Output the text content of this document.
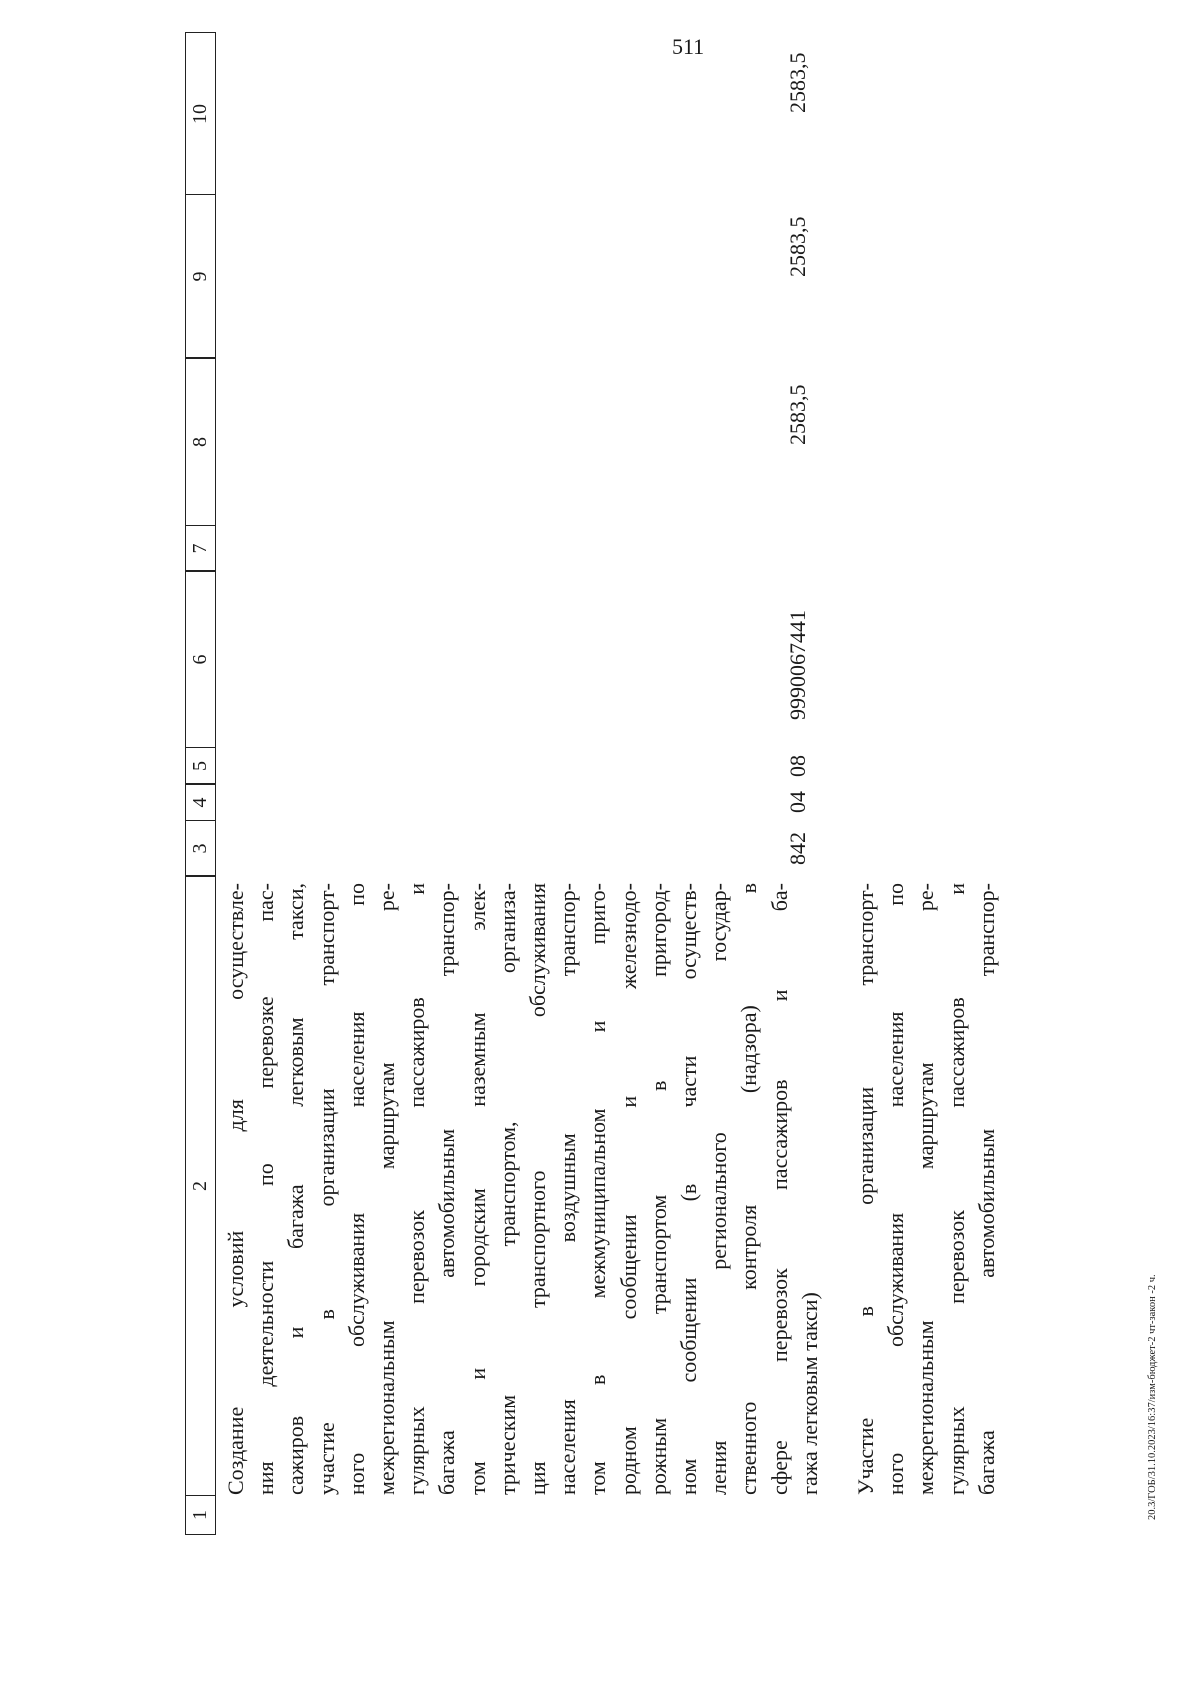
511
20.3/ГОБ/31.10.2023/16:37/изм-бюджет-2 чт-закон -2 ч.
1
2
3
4
5
6
7
8
9
10
Создание условий для осуществле- ния деятельности по перевозке пас- сажиров и багажа легковым такси, участие в организации транспорт- ного обслуживания населения по межрегиональным маршрутам ре- гулярных перевозок пассажиров и багажа автомобильным транспор- том и городским наземным элек- трическим транспортом, организа- ция транспортного обслуживания населения воздушным транспор- том в межмуниципальном и приго- родном сообщении и железнодо- рожным транспортом в пригород- ном сообщении (в части осуществ- ления регионального государ- ственного контроля (надзора) в сфере перевозок пассажиров и ба- гажа легковым такси)
842
04
08
9990067441
2583,5
2583,5
2583,5
Участие в организации транспорт- ного обслуживания населения по межрегиональным маршрутам ре- гулярных перевозок пассажиров и багажа автомобильным транспор-
